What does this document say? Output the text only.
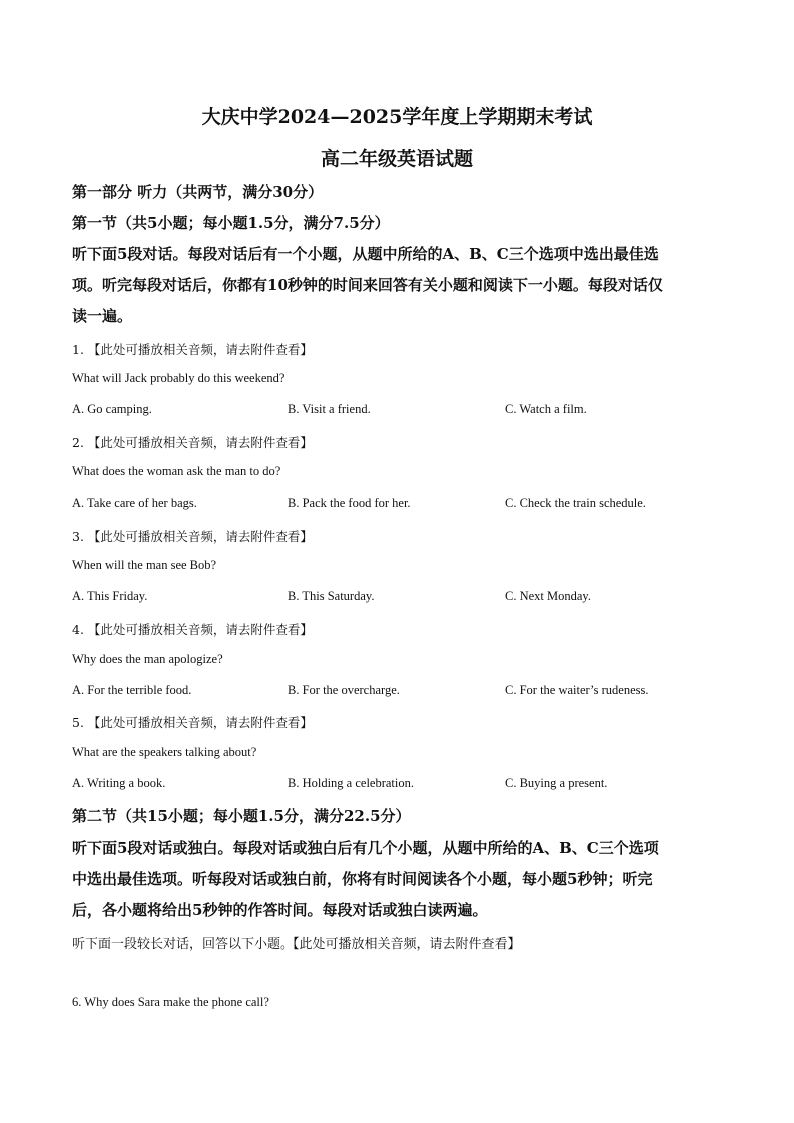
大庆中学2024—2025学年度上学期期末考试
高二年级英语试题
第一部分 听力（共两节，满分30分）
第一节（共5小题；每小题1.5分，满分7.5分）
听下面5段对话。每段对话后有一个小题，从题中所给的A、B、C三个选项中选出最佳选
项。听完每段对话后，你都有10秒钟的时间来回答有关小题和阅读下一小题。每段对话仅
读一遍。
1. 【此处可播放相关音频，请去附件查看】
What will Jack probably do this weekend?
A. Go camping.	B. Visit a friend.	C. Watch a film.
2. 【此处可播放相关音频，请去附件查看】
What does the woman ask the man to do?
A. Take care of her bags.	B. Pack the food for her.	C. Check the train schedule.
3. 【此处可播放相关音频，请去附件查看】
When will the man see Bob?
A. This Friday.	B. This Saturday.	C. Next Monday.
4. 【此处可播放相关音频，请去附件查看】
Why does the man apologize?
A. For the terrible food.	B. For the overcharge.	C. For the waiter’s rudeness.
5. 【此处可播放相关音频，请去附件查看】
What are the speakers talking about?
A. Writing a book.	B. Holding a celebration.	C. Buying a present.
第二节（共15小题；每小题1.5分，满分22.5分）
听下面5段对话或独白。每段对话或独白后有几个小题，从题中所给的A、B、C三个选项
中选出最佳选项。听每段对话或独白前，你将有时间阅读各个小题，每小题5秒钟；听完
后，各小题将给出5秒钟的作答时间。每段对话或独白读两遍。
听下面一段较长对话，回答以下小题。【此处可播放相关音频，请去附件查看】
6. Why does Sara make the phone call?
